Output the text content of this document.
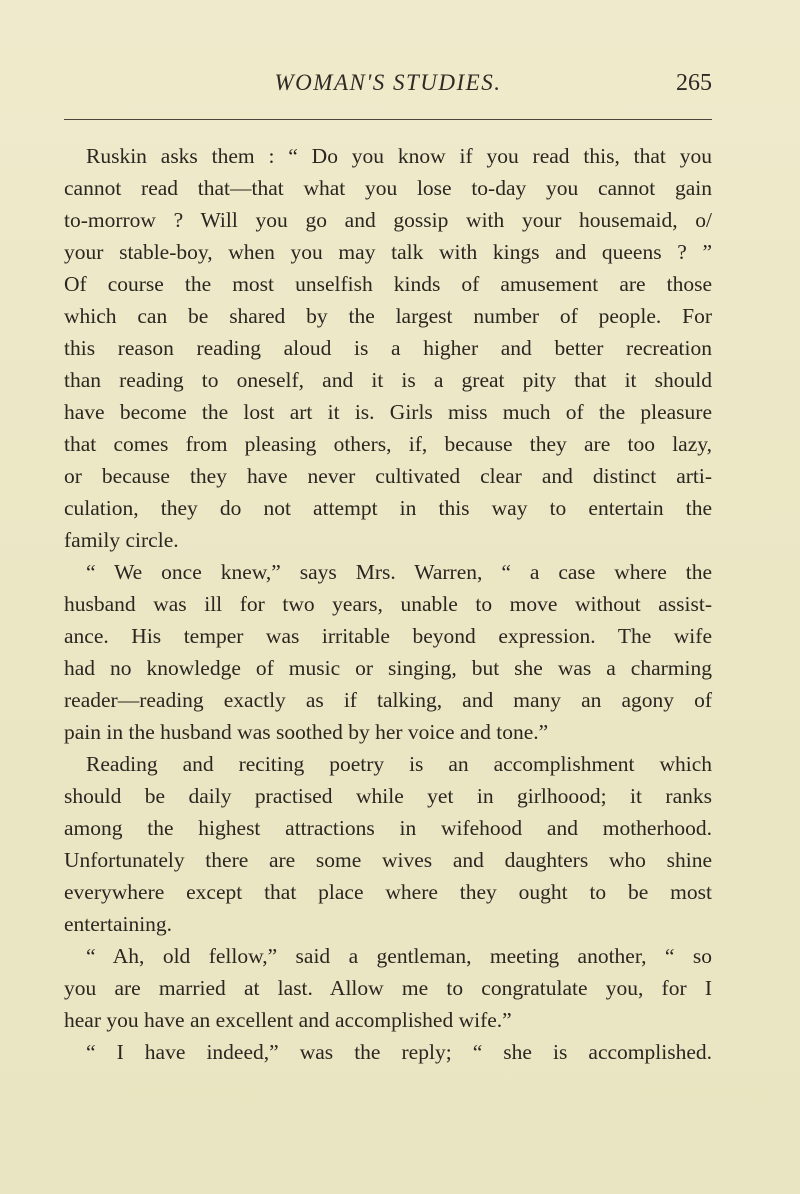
WOMAN'S STUDIES.	265
Ruskin asks them : “ Do you know if you read this, that you
cannot read that—that what you lose to-day you cannot gain
to-morrow ? Will you go and gossip with your housemaid, o/
your stable-boy, when you may talk with kings and queens ? ”
Of course the most unselfish kinds of amusement are those
which can be shared by the largest number of people. For
this reason reading aloud is a higher and better recreation
than reading to oneself, and it is a great pity that it should
have become the lost art it is. Girls miss much of the pleasure
that comes from pleasing others, if, because they are too lazy,
or because they have never cultivated clear and distinct arti-
culation, they do not attempt in this way to entertain the
family circle.
“ We once knew,” says Mrs. Warren, “ a case where the
husband was ill for two years, unable to move without assist-
ance. His temper was irritable beyond expression. The wife
had no knowledge of music or singing, but she was a charming
reader—reading exactly as if talking, and many an agony of
pain in the husband was soothed by her voice and tone.”
Reading and reciting poetry is an accomplishment which
should be daily practised while yet in girlhoood; it ranks
among the highest attractions in wifehood and motherhood.
Unfortunately there are some wives and daughters who shine
everywhere except that place where they ought to be most
entertaining.
“ Ah, old fellow,” said a gentleman, meeting another, “ so
you are married at last. Allow me to congratulate you, for I
hear you have an excellent and accomplished wife.”
“ I have indeed,” was the reply; “ she is accomplished.
